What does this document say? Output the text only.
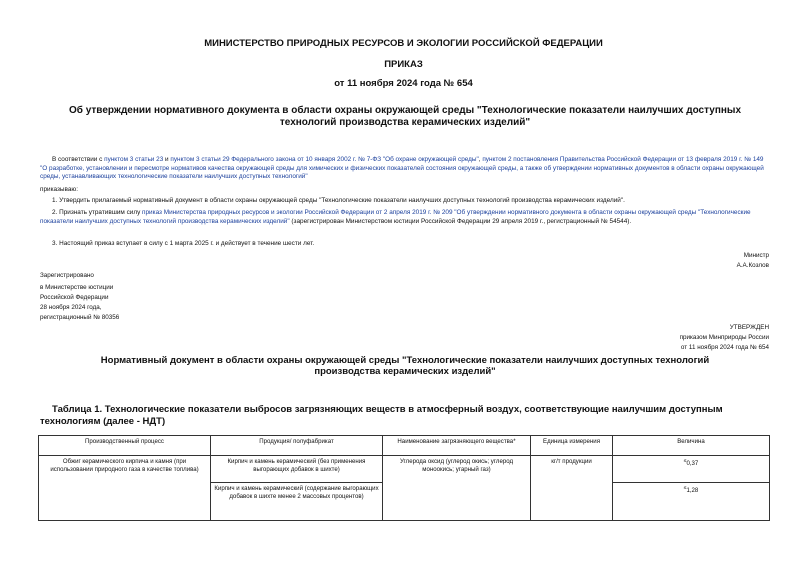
МИНИСТЕРСТВО ПРИРОДНЫХ РЕСУРСОВ И ЭКОЛОГИИ РОССИЙСКОЙ ФЕДЕРАЦИИ
ПРИКАЗ
от 11 ноября 2024 года № 654
Об утверждении нормативного документа в области охраны окружающей среды "Технологические показатели наилучших доступных технологий производства керамических изделий"
В соответствии с пунктом 3 статьи 23 и пунктом 3 статьи 29 Федерального закона от 10 января 2002 г. № 7-ФЗ "Об охране окружающей среды", пунктом 2 постановления Правительства Российской Федерации от 13 февраля 2019 г. № 149 "О разработке, установлении и пересмотре нормативов качества окружающей среды для химических и физических показателей состояния окружающей среды, а также об утверждении нормативных документов в области охраны окружающей среды, устанавливающих технологические показатели наилучших доступных технологий"
приказываю:
1. Утвердить прилагаемый нормативный документ в области охраны окружающей среды "Технологические показатели наилучших доступных технологий производства керамических изделий".
2. Признать утратившим силу приказ Министерства природных ресурсов и экологии Российской Федерации от 2 апреля 2019 г. № 209 "Об утверждении нормативного документа в области охраны окружающей среды "Технологические показатели наилучших доступных технологий производства керамических изделий" (зарегистрирован Министерством юстиции Российской Федерации 29 апреля 2019 г., регистрационный № 54544).
3. Настоящий приказ вступает в силу с 1 марта 2025 г. и действует в течение шести лет.
Министр
А.А.Козлов
Зарегистрировано
в Министерстве юстиции
Российской Федерации
28 ноября 2024 года,
регистрационный № 80356
УТВЕРЖДЕН
приказом Минприроды России
от 11 ноября 2024 года № 654
Нормативный документ в области охраны окружающей среды "Технологические показатели наилучших доступных технологий производства керамических изделий"
Таблица 1. Технологические показатели выбросов загрязняющих веществ в атмосферный воздух, соответствующие наилучшим доступным технологиям (далее - НДТ)
Производственный процесс	Продукция/ полуфабрикат	Наименование загрязняющего вещества*	Единица измерения	Величина
Обжиг керамического кирпича и камня (при использовании природного газа в качестве топлива)	Кирпич и камень керамический (без применения выгорающих добавок в шихте)	Углерода оксид (углерод окись; углерод моноокись; угарный газ)	кг/т продукции	≤0,37
	Кирпич и камень керамический (содержание выгорающих добавок в шихте менее 2 массовых процентов)			≤1,28
